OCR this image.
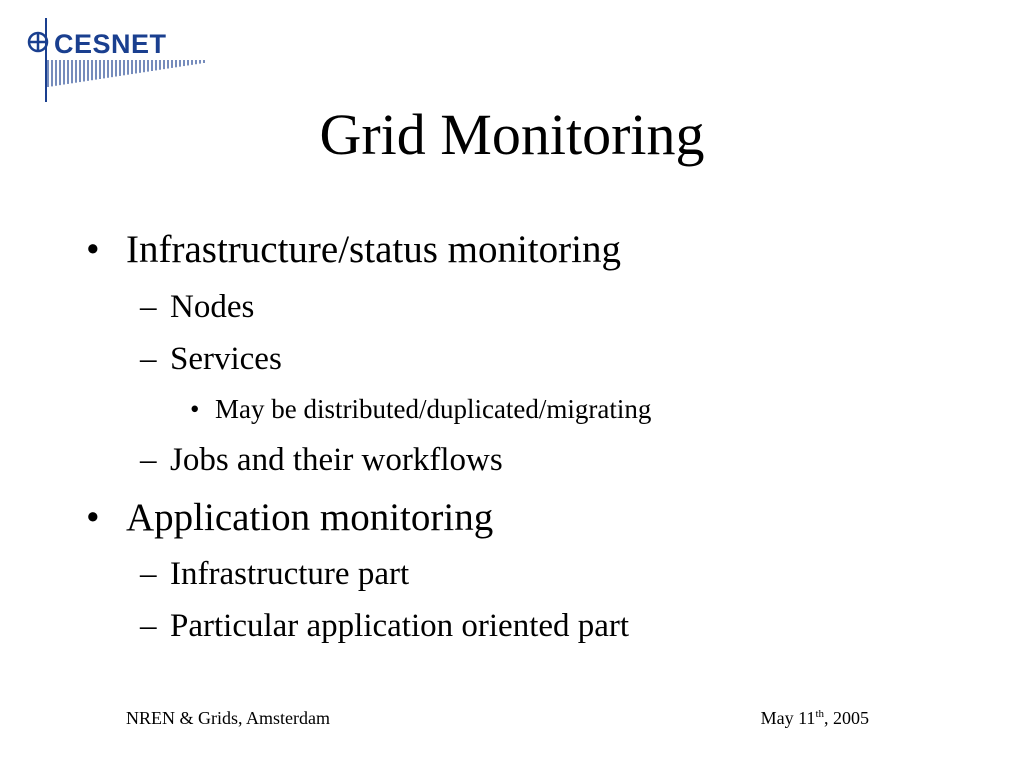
CESNET
Grid Monitoring
• Infrastructure/status monitoring
– Nodes
– Services
• May be distributed/duplicated/migrating
– Jobs and their workflows
• Application monitoring
– Infrastructure part
– Particular application oriented part
NREN & Grids, Amsterdam	May 11th, 2005
